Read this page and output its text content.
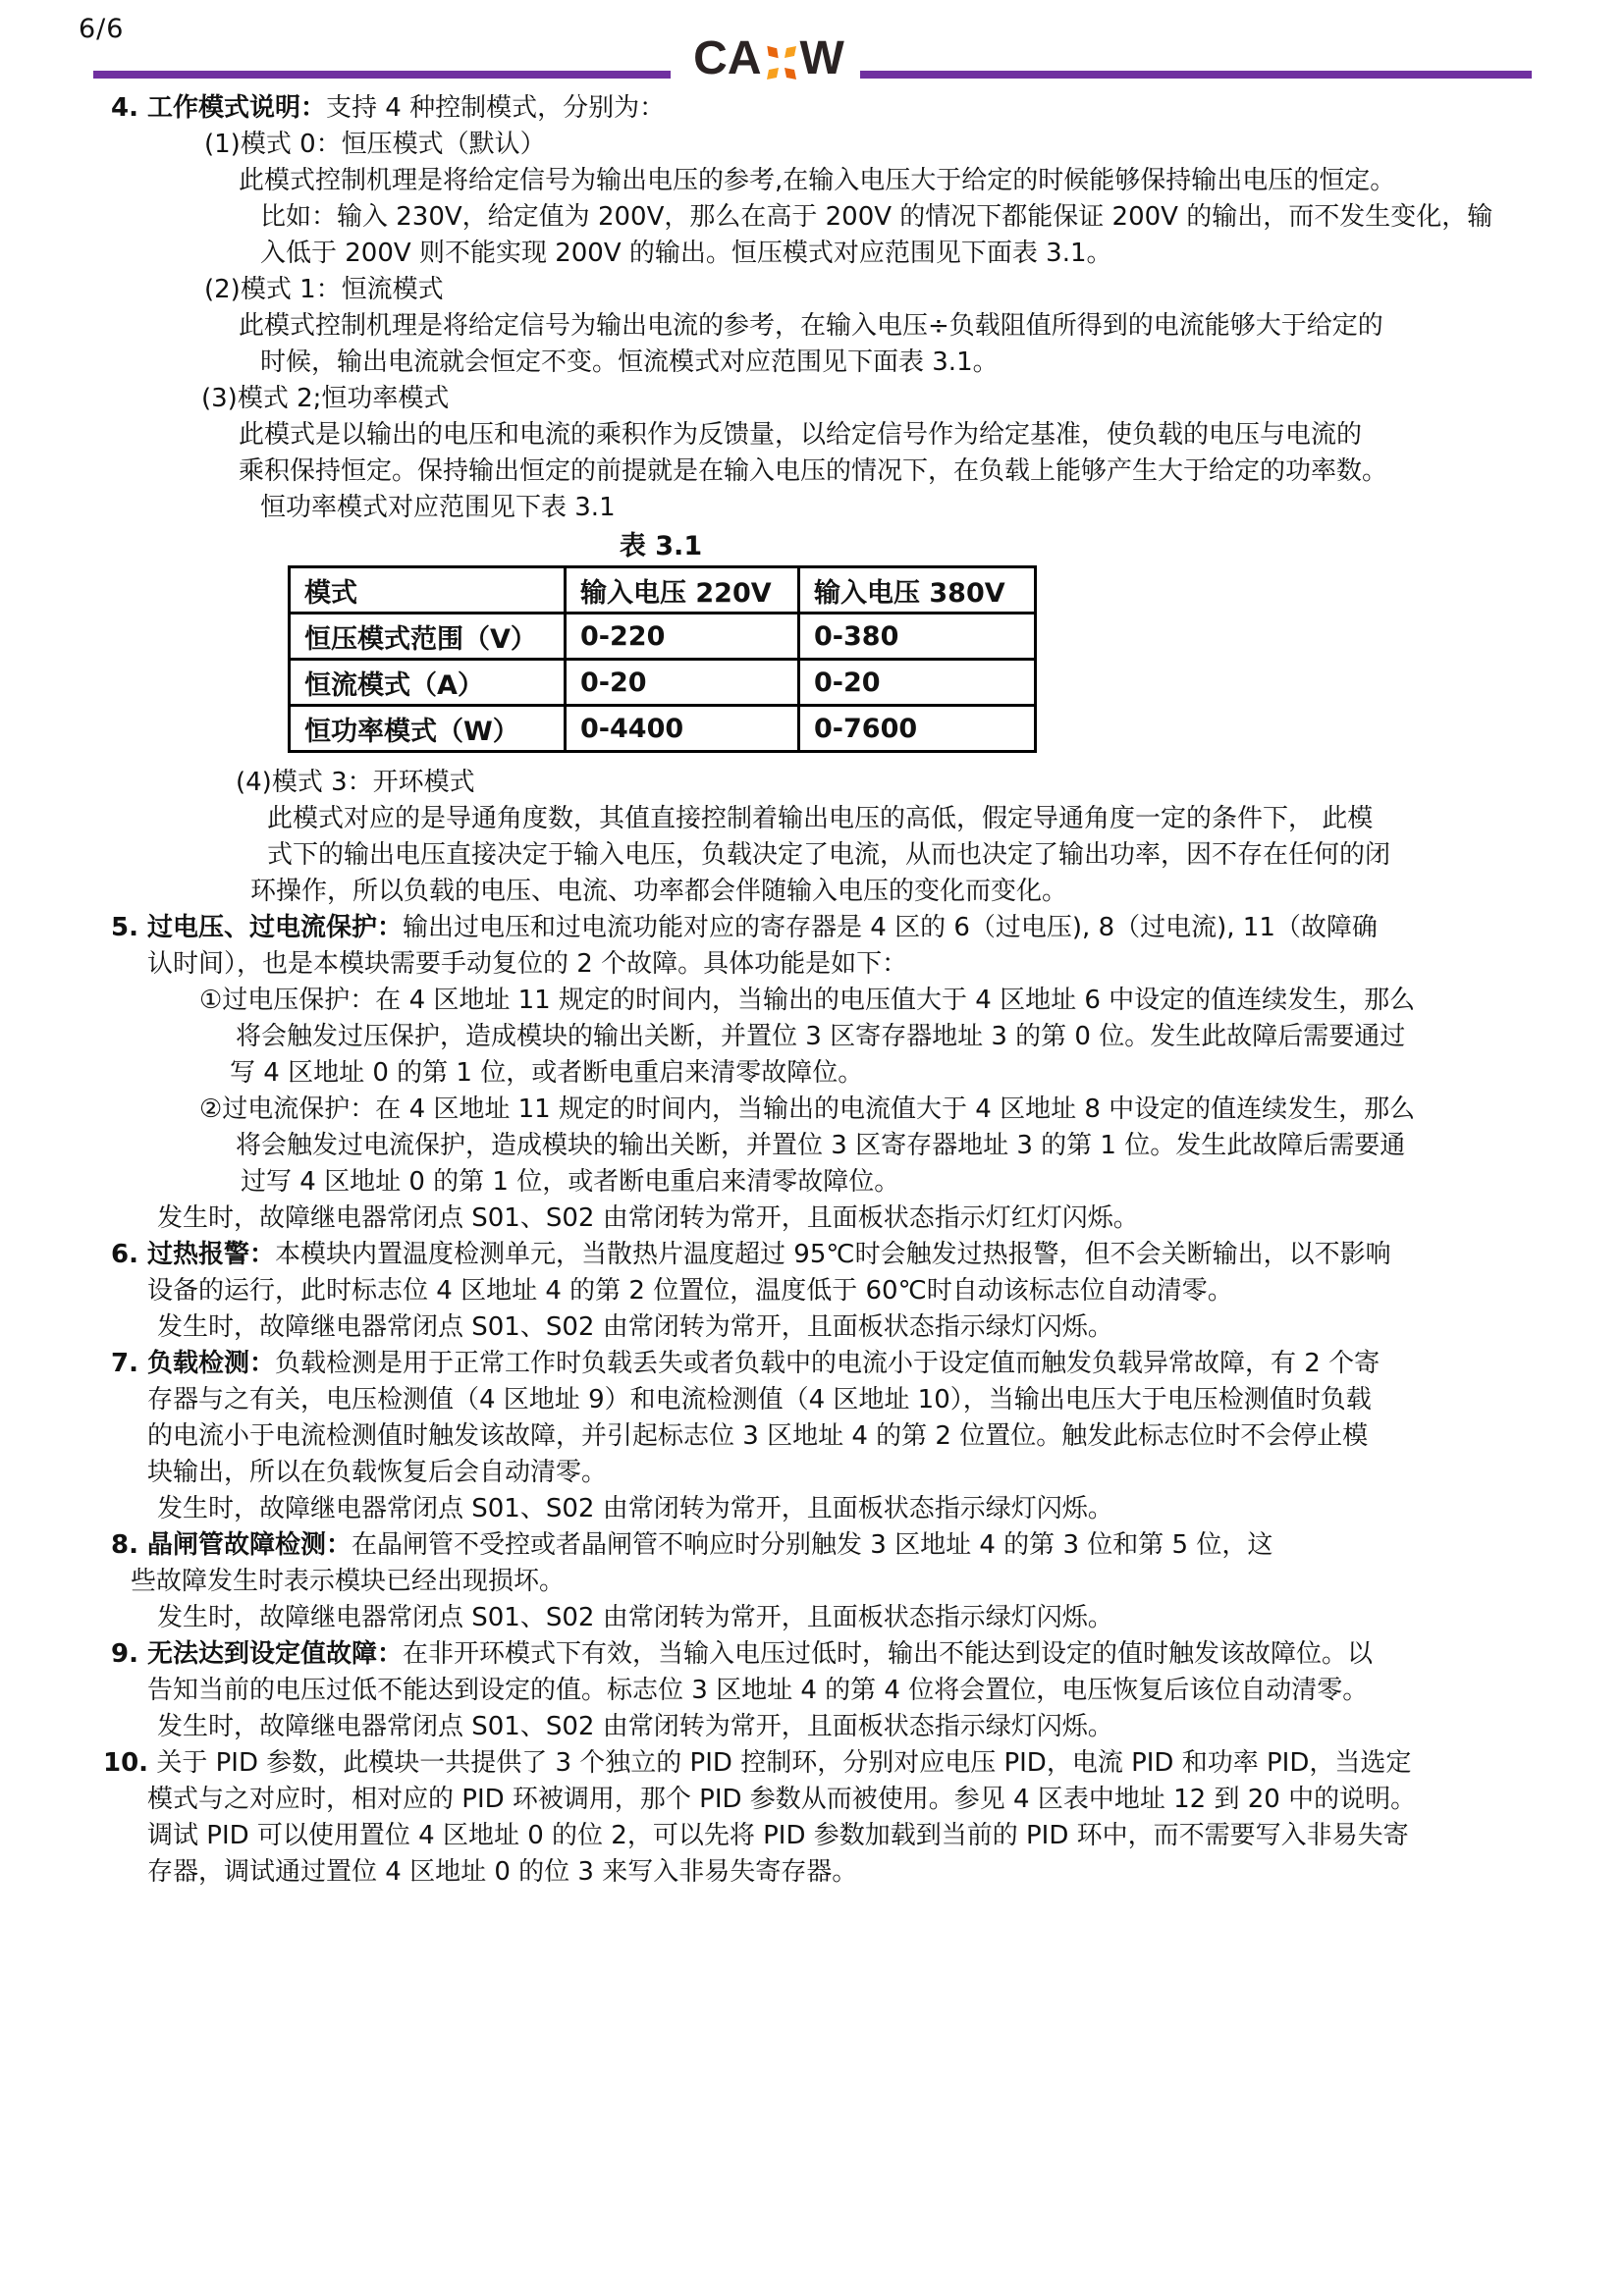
6/6
CA W
4. 工作模式说明：支持 4 种控制模式，分别为：
(1)模式 0：恒压模式（默认）
此模式控制机理是将给定信号为输出电压的参考,在输入电压大于给定的时候能够保持输出电压的恒定。
比如：输入 230V，给定值为 200V，那么在高于 200V 的情况下都能保证 200V 的输出，而不发生变化，输
入低于 200V 则不能实现 200V 的输出。恒压模式对应范围见下面表 3.1。
(2)模式 1：恒流模式
此模式控制机理是将给定信号为输出电流的参考，在输入电压÷负载阻值所得到的电流能够大于给定的
时候，输出电流就会恒定不变。恒流模式对应范围见下面表 3.1。
(3)模式 2;恒功率模式
此模式是以输出的电压和电流的乘积作为反馈量，以给定信号作为给定基准，使负载的电压与电流的
乘积保持恒定。保持输出恒定的前提就是在输入电压的情况下，在负载上能够产生大于给定的功率数。
恒功率模式对应范围见下表 3.1
表 3.1
模式	输入电压 220V	输入电压 380V
恒压模式范围（V）	0-220	0-380
恒流模式（A）	0-20	0-20
恒功率模式（W）	0-4400	0-7600
(4)模式 3：开环模式
此模式对应的是导通角度数，其值直接控制着输出电压的高低，假定导通角度一定的条件下， 此模
式下的输出电压直接决定于输入电压，负载决定了电流，从而也决定了输出功率，因不存在任何的闭
环操作，所以负载的电压、电流、功率都会伴随输入电压的变化而变化。
5. 过电压、过电流保护：输出过电压和过电流功能对应的寄存器是 4 区的 6（过电压), 8（过电流), 11（故障确
认时间），也是本模块需要手动复位的 2 个故障。具体功能是如下：
①过电压保护：在 4 区地址 11 规定的时间内，当输出的电压值大于 4 区地址 6 中设定的值连续发生，那么
将会触发过压保护，造成模块的输出关断，并置位 3 区寄存器地址 3 的第 0 位。发生此故障后需要通过
写 4 区地址 0 的第 1 位，或者断电重启来清零故障位。
②过电流保护：在 4 区地址 11 规定的时间内，当输出的电流值大于 4 区地址 8 中设定的值连续发生，那么
将会触发过电流保护，造成模块的输出关断，并置位 3 区寄存器地址 3 的第 1 位。发生此故障后需要通
过写 4 区地址 0 的第 1 位，或者断电重启来清零故障位。
发生时，故障继电器常闭点 S01、S02 由常闭转为常开，且面板状态指示灯红灯闪烁。
6. 过热报警：本模块内置温度检测单元，当散热片温度超过 95℃时会触发过热报警，但不会关断输出，以不影响
设备的运行，此时标志位 4 区地址 4 的第 2 位置位，温度低于 60℃时自动该标志位自动清零。
发生时，故障继电器常闭点 S01、S02 由常闭转为常开，且面板状态指示绿灯闪烁。
7. 负载检测：负载检测是用于正常工作时负载丢失或者负载中的电流小于设定值而触发负载异常故障，有 2 个寄
存器与之有关，电压检测值（4 区地址 9）和电流检测值（4 区地址 10），当输出电压大于电压检测值时负载
的电流小于电流检测值时触发该故障，并引起标志位 3 区地址 4 的第 2 位置位。触发此标志位时不会停止模
块输出，所以在负载恢复后会自动清零。
发生时，故障继电器常闭点 S01、S02 由常闭转为常开，且面板状态指示绿灯闪烁。
8. 晶闸管故障检测：在晶闸管不受控或者晶闸管不响应时分别触发 3 区地址 4 的第 3 位和第 5 位，这
些故障发生时表示模块已经出现损坏。
发生时，故障继电器常闭点 S01、S02 由常闭转为常开，且面板状态指示绿灯闪烁。
9. 无法达到设定值故障：在非开环模式下有效，当输入电压过低时，输出不能达到设定的值时触发该故障位。以
告知当前的电压过低不能达到设定的值。标志位 3 区地址 4 的第 4 位将会置位，电压恢复后该位自动清零。
发生时，故障继电器常闭点 S01、S02 由常闭转为常开，且面板状态指示绿灯闪烁。
10. 关于 PID 参数，此模块一共提供了 3 个独立的 PID 控制环，分别对应电压 PID，电流 PID 和功率 PID，当选定
模式与之对应时，相对应的 PID 环被调用，那个 PID 参数从而被使用。参见 4 区表中地址 12 到 20 中的说明。
调试 PID 可以使用置位 4 区地址 0 的位 2，可以先将 PID 参数加载到当前的 PID 环中，而不需要写入非易失寄
存器，调试通过置位 4 区地址 0 的位 3 来写入非易失寄存器。
